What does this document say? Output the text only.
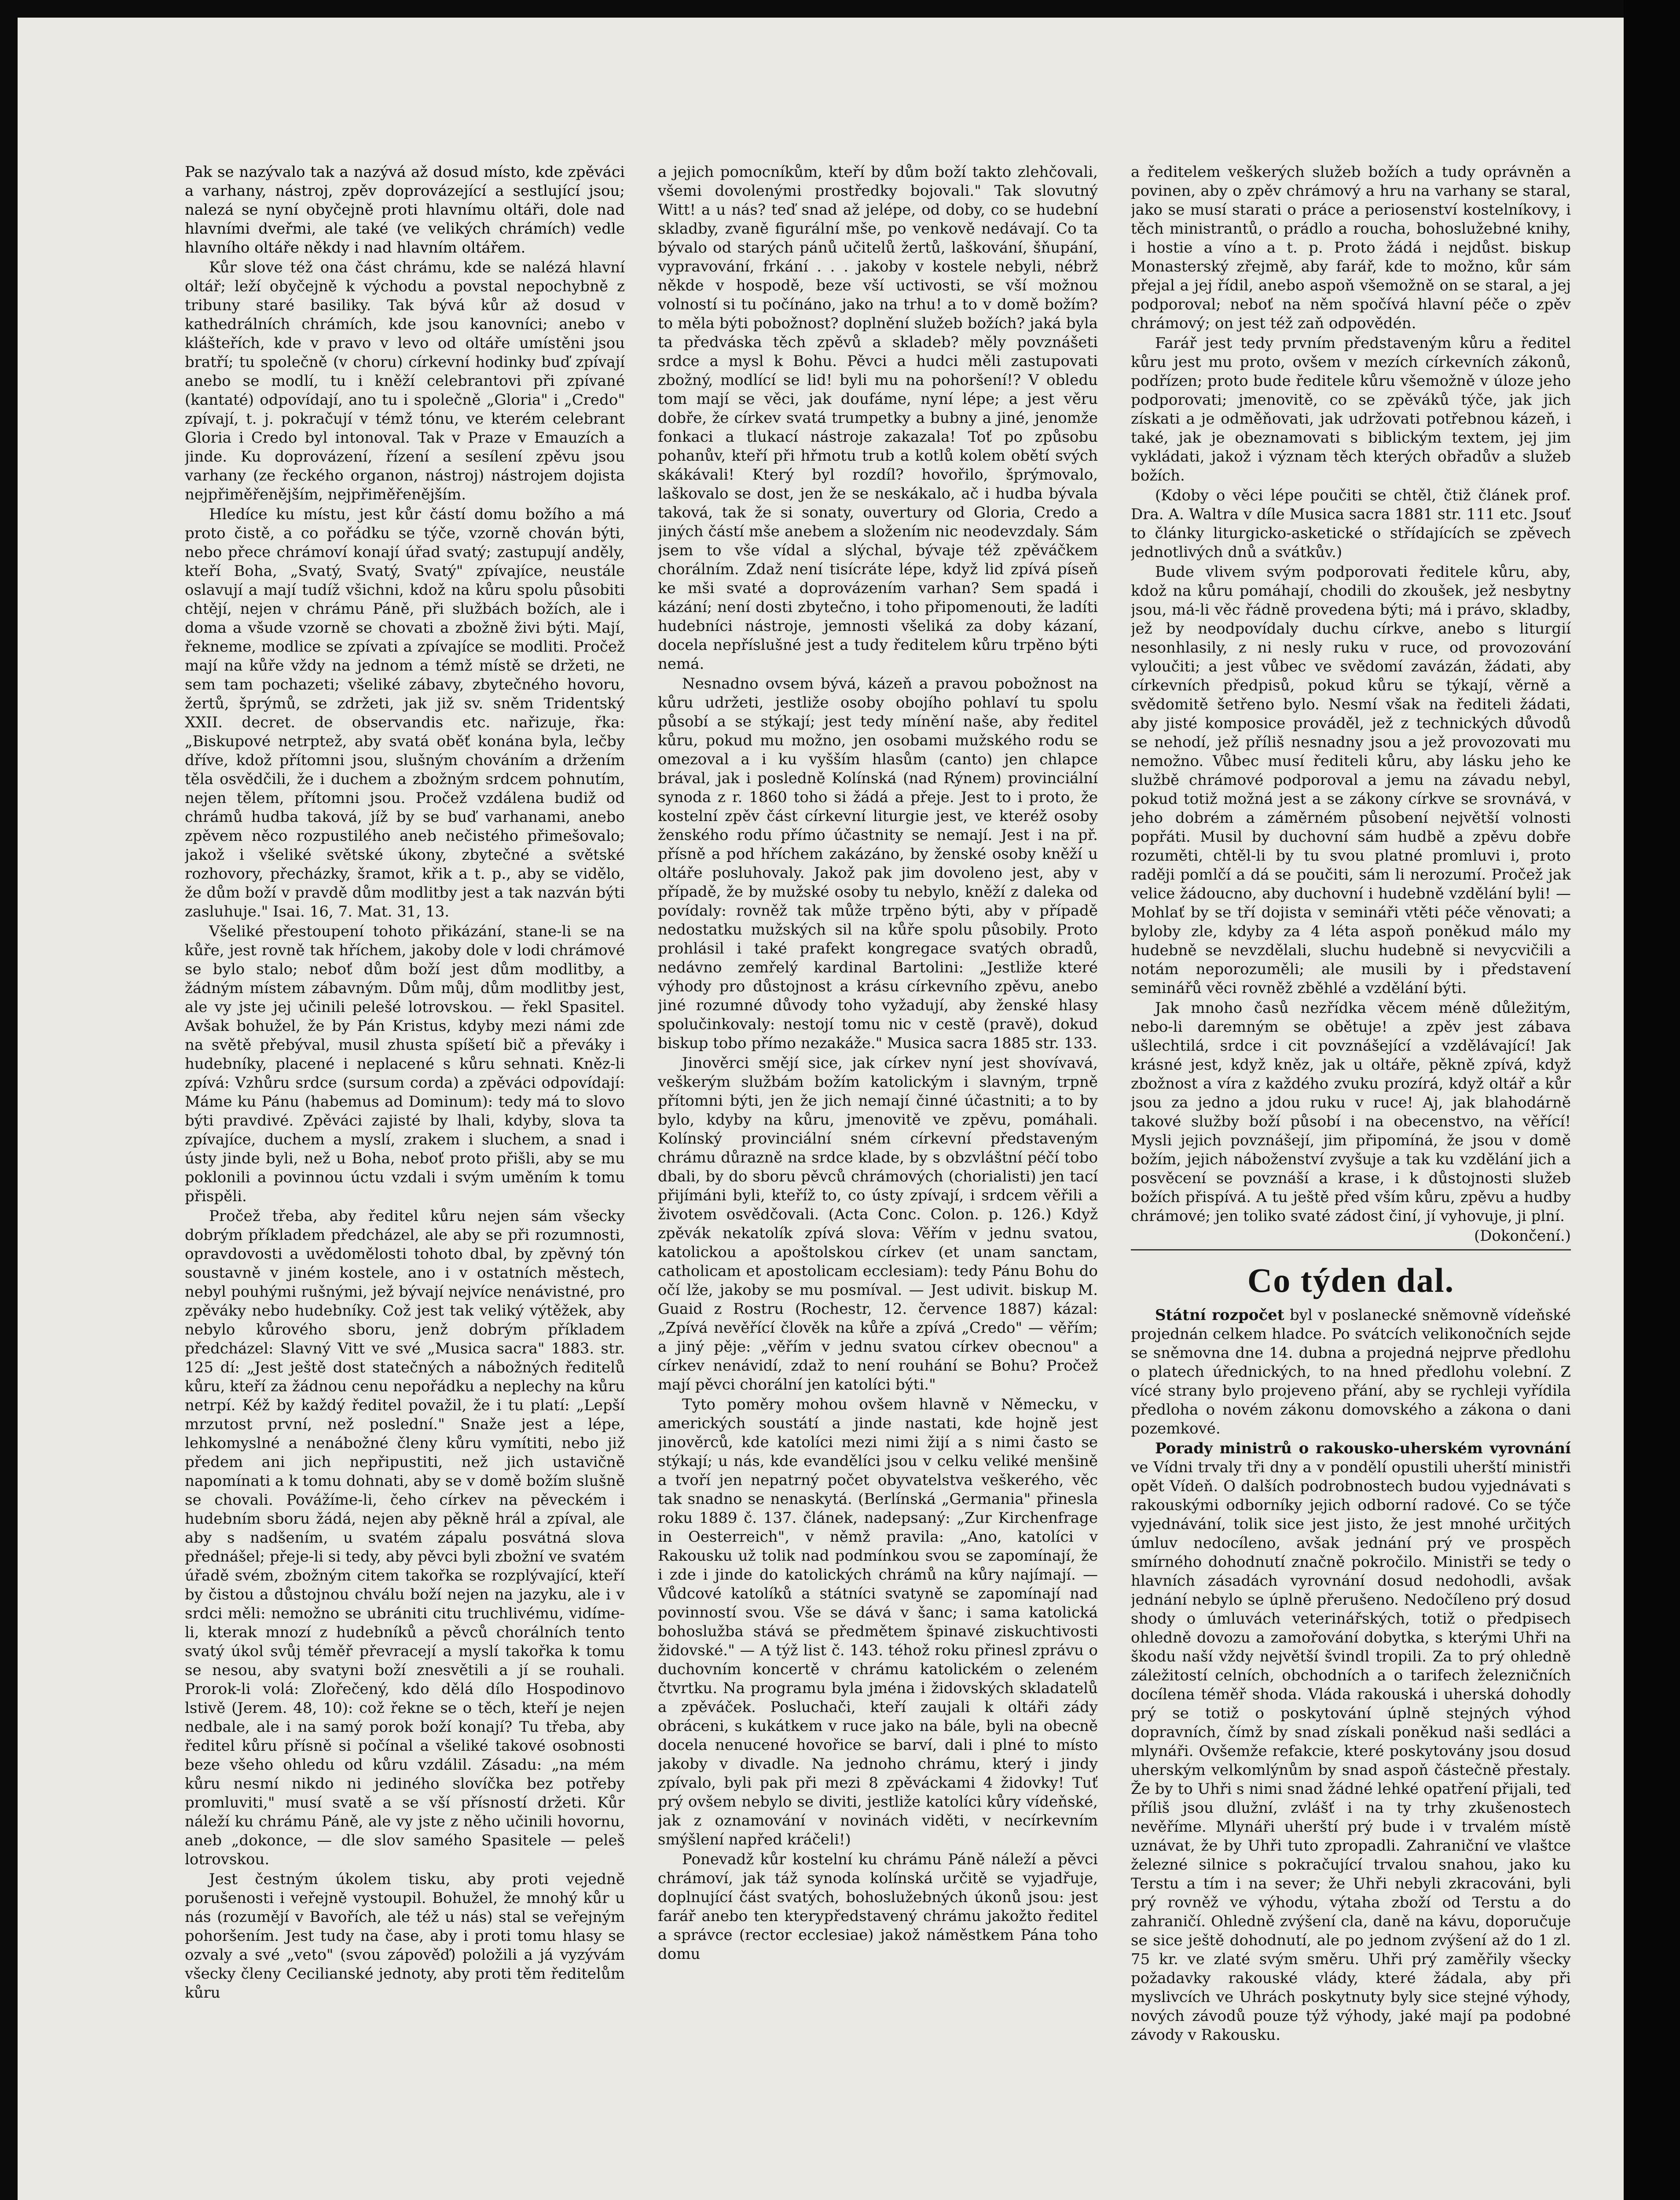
Pak se nazývalo tak a nazývá až dosud místo, kde zpěváci a varhany, nástroj, zpěv doprovázející a sestlující jsou; nalezá se nyní obyčejně proti hlavnímu oltáři, dole nad hlavními dveřmi, ale také (ve velikých chrámích) vedle hlavního oltáře někdy i nad hlavním oltářem.

Kůr slove též ona část chrámu, kde se nalézá hlavní oltář; leží obyčejně k východu a povstal nepochybně z tribuny staré basiliky. Tak bývá kůr až dosud v kathedrálních chrámích, kde jsou kanovníci; anebo v klášteřích, kde v pravo v levo od oltáře umístěni jsou bratří; tu společně (v choru) církevní hodinky buď zpívají anebo se modlí, tu i kněží celebrantovi při zpívané (kantaté) odpovídají, ano tu i společně „Gloria" i „Credo" zpívají, t. j. pokračují v témž tónu, ve kterém celebrant Gloria i Credo byl intonoval. Tak v Praze v Emauzích a jinde. Ku doprovázení, řízení a sesílení zpěvu jsou varhany (ze řeckého organon, nástroj) nástrojem dojista nejpřiměřenějším, nejpřiměřenějším.

Hledíce ku místu, jest kůr částí domu božího a má proto čistě, a co pořádku se týče, vzorně chován býti, nebo přece chrámoví konají úřad svatý; zastupují anděly, kteří Boha, „Svatý, Svatý, Svatý" zpívajíce, neustále oslavují a mají tudíž všichni, kdož na kůru spolu působiti chtějí, nejen v chrámu Páně, při službách božích, ale i doma a všude vzorně se chovati a zbožně živi býti. Mají, řekneme, modlice se zpívati a zpívajíce se modliti. Pročež mají na kůře vždy na jednom a témž místě se držeti, ne sem tam pochazeti; všeliké zábavy, zbytečného hovoru, žertů, šprýmů, se zdržeti, jak již sv. sněm Tridentský XXII. decret. de observandis etc. nařizuje, řka: „Biskupové netrptež, aby svatá oběť konána byla, lečby dříve, kdož přítomni jsou, slušným chováním a držením těla osvědčili, že i duchem a zbožným srdcem pohnutím, nejen tělem, přítomni jsou. Pročež vzdálena budiž od chrámů hudba taková, jíž by se buď varhanami, anebo zpěvem něco rozpustilého aneb nečistého přimešovalo; jakož i všeliké světské úkony, zbytečné a světské rozhovory, přecházky, šramot, křik a t. p., aby se vidělo, že dům boží v pravdě dům modlitby jest a tak nazván býti zasluhuje." Isai. 16, 7. Mat. 31, 13.

Všeliké přestoupení tohoto přikázání, stane-li se na kůře, jest rovně tak hříchem, jakoby dole v lodi chrámové se bylo stalo; neboť dům boží jest dům modlitby, a žádným místem zábavným. Dům můj, dům modlitby jest, ale vy jste jej učinili pelešé lotrovskou. — řekl Spasitel. Avšak bohužel, že by Pán Kristus, kdyby mezi námi zde na světě přebýval, musil zhusta spíšetí bič a převáky i hudebníky, placené i neplacené s kůru sehnati. Kněz-li zpívá: Vzhůru srdce (sursum corda) a zpěváci odpovídají: Máme ku Pánu (habemus ad Dominum): tedy má to slovo býti pravdivé. Zpěváci zajisté by lhali, kdyby, slova ta zpívajíce, duchem a myslí, zrakem i sluchem, a snad i ústy jinde byli, než u Boha, neboť proto přišli, aby se mu poklonili a povinnou úctu vzdali i svým uměním k tomu přispěli.

Pročež třeba, aby ředitel kůru nejen sám všecky dobrým příkladem předcházel, ale aby se při rozumnosti, opravdovosti a uvědomělosti tohoto dbal, by zpěvný tón soustavně v jiném kostele, ano i v ostatních městech, nebyl pouhými rušnými, jež bývají nejvíce nenávistné, pro zpěváky nebo hudebníky. Což jest tak veliký výtěžek, aby nebylo kůrového sboru, jenž dobrým příkladem předcházel: Slavný Vitt ve své „Musica sacra" 1883. str. 125 dí: „Jest ještě dost statečných a nábožných ředitelů kůru, kteří za žádnou cenu nepořádku a neplechy na kůru netrpí. Kéž by každý ředitel považil, že i tu platí: „Lepší mrzutost první, než poslední." Snaže jest a lépe, lehkomyslné a nenábožné členy kůru vymítiti, nebo již předem ani jich nepřipustiti, než jich ustavičně napomínati a k tomu dohnati, aby se v domě božím slušně se chovali. Povážíme-li, čeho církev na pěveckém i hudebním sboru žádá, nejen aby pěkně hrál a zpíval, ale aby s nadšením, u svatém zápalu posvátná slova přednášel; přeje-li si tedy, aby pěvci byli zbožní ve svatém úřadě svém, zbožným citem takořka se rozplývající, kteří by čistou a důstojnou chválu boží nejen na jazyku, ale i v srdci měli: nemožno se ubrániti citu truchlivému, vidíme-li, kterak mnozí z hudebníků a pěvců chorálních tento svatý úkol svůj téměř převracejí a myslí takořka k tomu se nesou, aby svatyni boží znesvětili a jí se rouhali. Prorok-li volá: Zlořečený, kdo dělá dílo Hospodinovo lstivě (Jerem. 48, 10): což řekne se o těch, kteří je nejen nedbale, ale i na samý porok boží konají? Tu třeba, aby ředitel kůru přísně si počínal a všeliké takové osobnosti beze všeho ohledu od kůru vzdálil. Zásadu: „na mém kůru nesmí nikdo ni jediného slovíčka bez potřeby promluviti," musí svatě a se vší přísností držeti. Kůr náleží ku chrámu Páně, ale vy jste z něho učinili hovornu, aneb „dokonce, — dle slov samého Spasitele — peleš lotrovskou.

Jest čestným úkolem tisku, aby proti vejedně porušenosti i veřejně vystoupil. Bohužel, že mnohý kůr u nás (rozumějí v Bavořích, ale též u nás) stal se veřejným pohoršením. Jest tudy na čase, aby i proti tomu hlasy se ozvaly a své „veto" (svou zápověď) položili a já vyzývám všecky členy Cecilianské jednoty, aby proti těm ředitelům kůru

a jejich pomocníkům, kteří by dům boží takto zlehčovali, všemi dovolenými prostředky bojovali." Tak slovutný Witt! a u nás? teď snad až jelépe, od doby, co se hudební skladby, zvaně figurální mše, po venkově nedávají. Co ta bývalo od starých pánů učitelů žertů, laškování, šňupání, vypravování, frkání . . . jakoby v kostele nebyli, nébrž někde v hospodě, beze vší uctivosti, se vší možnou volností si tu počínáno, jako na trhu! a to v domě božím? to měla býti pobožnost? doplnění služeb božích? jaká byla ta předváska těch zpěvů a skladeb? měly povznášeti srdce a mysl k Bohu. Pěvci a hudci měli zastupovati zbožný, modlící se lid! byli mu na pohoršení!? V obledu tom mají se věci, jak doufáme, nyní lépe; a jest věru dobře, že církev svatá trumpetky a bubny a jiné, jenomže fonkaci a tlukací nástroje zakazala! Toť po způsobu pohanův, kteří při hřmotu trub a kotlů kolem obětí svých skákávali! Který byl rozdíl? hovořilo, šprýmovalo, laškovalo se dost, jen že se neskákalo, ač i hudba bývala taková, tak že si sonaty, ouvertury od Gloria, Credo a jiných částí mše anebem a složením nic neodevzdaly. Sám jsem to vše vídal a slýchal, bývaje též zpěváčkem chorálním. Zdaž není tisícráte lépe, když lid zpívá píseň ke mši svaté a doprovázením varhan? Sem spadá i kázání; není dosti zbytečno, i toho připomenouti, že ladíti hudebníci nástroje, jemnosti všeliká za doby kázaní, docela nepříslušné jest a tudy ředitelem kůru trpěno býti nemá.

Nesnadno ovsem bývá, kázeň a pravou pobožnost na kůru udržeti, jestliže osoby obojího pohlaví tu spolu působí a se stýkají; jest tedy mínění naše, aby ředitel kůru, pokud mu možno, jen osobami mužského rodu se omezoval a i ku vyšším hlasům (canto) jen chlapce brával, jak i posledně Kolínská (nad Rýnem) provinciální synoda z r. 1860 toho si žádá a přeje. Jest to i proto, že kostelní zpěv část církevní liturgie jest, ve kteréž osoby ženského rodu přímo účastnity se nemají. Jest i na př. přísně a pod hříchem zakázáno, by ženské osoby kněží u oltáře posluhovaly. Jakož pak jim dovoleno jest, aby v případě, že by mužské osoby tu nebylo, kněží z daleka od povídaly: rovněž tak může trpěno býti, aby v případě nedostatku mužských sil na kůře spolu působily. Proto prohlásil i také prafekt kongregace svatých obradů, nedávno zemřelý kardinal Bartolini: „Jestliže které výhody pro důstojnost a krásu církevního zpěvu, anebo jiné rozumné důvody toho vyžadují, aby ženské hlasy spolučinkovaly: nestojí tomu nic v cestě (pravě), dokud biskup tobo přímo nezakáže." Musica sacra 1885 str. 133.

Jinověrci smějí sice, jak církev nyní jest shovívavá, veškerým službám božím katolickým i slavným, trpně přítomni býti, jen že jich nemají činné účastniti; a to by bylo, kdyby na kůru, jmenovitě ve zpěvu, pomáhali. Kolínský provinciální sném církevní představeným chrámu důrazně na srdce klade, by s obzvláštní péčí tobo dbali, by do sboru pěvců chrámových (chorialisti) jen tací přijímáni byli, kteříž to, co ústy zpívají, i srdcem věřili a životem osvědčovali. (Acta Conc. Colon. p. 126.) Když zpěvák nekatolík zpívá slova: Věřím v jednu svatou, katolickou a apoštolskou církev (et unam sanctam, catholicam et apostolicam ecclesiam): tedy Pánu Bohu do očí lže, jakoby se mu posmíval. — Jest udivit. biskup M. Guaid z Rostru (Rochestr, 12. července 1887) kázal: „Zpívá nevěřící člověk na kůře a zpívá „Credo" — věřím; a jiný pěje: „věřím v jednu svatou církev obecnou" a církev nenávidí, zdaž to není rouhání se Bohu? Pročež mají pěvci chorální jen katolíci býti."

Tyto poměry mohou ovšem hlavně v Německu, v amerických soustátí a jinde nastati, kde hojně jest jinověrců, kde katolíci mezi nimi žijí a s nimi často se stýkají; u nás, kde evandělíci jsou v celku veliké menšině a tvoří jen nepatrný počet obyvatelstva veškerého, věc tak snadno se nenaskytá. (Berlínská „Germania" přinesla roku 1889 č. 137. článek, nadepsaný: „Zur Kirchenfrage in Oesterreich", v němž pravila: „Ano, katolíci v Rakousku už tolik nad podmínkou svou se zapomínají, že i zde i jinde do katolických chrámů na kůry najímají. — Vůdcové katolíků a státníci svatyně se zapomínají nad povinností svou. Vše se dává v šanc; i sama katolická bohoslužba stává se předmětem špinavé ziskuchtivosti židovské." — A týž list č. 143. téhož roku přinesl zprávu o duchovním koncertě v chrámu katolickém o zeleném čtvrtku. Na programu byla jména i židovských skladatelů a zpěváček. Posluchači, kteří zaujali k oltáři zády obráceni, s kukátkem v ruce jako na bále, byli na obecně docela nenucené hovořice se barví, dali i plné to místo jakoby v divadle. Na jednoho chrámu, který i jindy zpívalo, byli pak při mezi 8 zpěváckami 4 židovky! Tuť prý ovšem nebylo se diviti, jestliže katolíci kůry vídeňské, jak z oznamování v novinách viděti, v necírkevním smýšlení napřed kráčeli!)

Ponevadž kůr kostelní ku chrámu Páně náleží a pěvci chrámoví, jak táž synoda kolínská určitě se vyjadřuje, doplnující část svatých, bohoslužebných úkonů jsou: jest farář anebo ten kterypředstavený chrámu jakožto ředitel a správce (rector ecclesiae) jakož náměstkem Pána toho domu

a ředitelem veškerých služeb božích a tudy oprávněn a povinen, aby o zpěv chrámový a hru na varhany se staral, jako se musí starati o práce a periosenství kostelníkovy, i těch ministrantů, o prádlo a roucha, bohoslužebné knihy, i hostie a víno a t. p. Proto žádá i nejdůst. biskup Monasterský zřejmě, aby farář, kde to možno, kůr sám přejal a jej řídil, anebo aspoň všemožně on se staral, a jej podporoval; neboť na něm spočívá hlavní péče o zpěv chrámový; on jest též zaň odpovědén.

Farář jest tedy prvním představeným kůru a ředitel kůru jest mu proto, ovšem v mezích církevních zákonů, podřízen; proto bude ředitele kůru všemožně v úloze jeho podporovati; jmenovitě, co se zpěváků týče, jak jich získati a je odměňovati, jak udržovati potřebnou kázeň, i také, jak je obeznamovati s biblickým textem, jej jim vykládati, jakož i význam těch kterých obřadův a služeb božích.

(Kdoby o věci lépe poučiti se chtěl, čtiž článek prof. Dra. A. Waltra v díle Musica sacra 1881 str. 111 etc. Jsouť to články liturgicko-asketické o střídajících se zpěvech jednotlivých dnů a svátkův.)

Bude vlivem svým podporovati ředitele kůru, aby, kdož na kůru pomáhají, chodili do zkoušek, jež nesbytny jsou, má-li věc řádně provedena býti; má i právo, skladby, jež by neodpovídaly duchu církve, anebo s liturgií nesonhlasily, z ni nesly ruku v ruce, od provozování vyloučiti; a jest vůbec ve svědomí zavázán, žádati, aby církevních předpisů, pokud kůru se týkají, věrně a svědomitě šetřeno bylo. Nesmí však na řediteli žádati, aby jisté komposice prováděl, jež z technických důvodů se nehodí, jež příliš nesnadny jsou a jež provozovati mu nemožno. Vůbec musí řediteli kůru, aby lásku jeho ke službě chrámové podporoval a jemu na závadu nebyl, pokud totiž možná jest a se zákony církve se srovnává, v jeho dobrém a záměrném působení největší volnosti popřáti. Musil by duchovní sám hudbě a zpěvu dobře rozuměti, chtěl-li by tu svou platné promluvi i, proto raději pomlčí a dá se poučiti, sám li nerozumí. Pročež jak velice žádoucno, aby duchovní i hudebně vzdělání byli! — Mohlať by se tří dojista v semináři vtěti péče věnovati; a byloby zle, kdyby za 4 léta aspoň poněkud málo my hudebně se nevzdělali, sluchu hudebně si nevycvičili a notám neporozuměli; ale musili by i představení seminářů věci rovněž zběhlé a vzdělání býti.

Jak mnoho časů nezřídka věcem méně důležitým, nebo-li daremným se obětuje! a zpěv jest zábava ušlechtilá, srdce i cit povznášející a vzdělávající! Jak krásné jest, když kněz, jak u oltáře, pěkně zpívá, když zbožnost a víra z každého zvuku prozírá, když oltář a kůr jsou za jedno a jdou ruku v ruce! Aj, jak blahodárně takové služby boží působí i na obecenstvo, na věřící! Mysli jejich povznášejí, jim připomíná, že jsou v domě božím, jejich náboženství zvyšuje a tak ku vzdělání jich a posvěcení se povznáší a krase, i k důstojnosti služeb božích přispívá. A tu ještě před vším kůru, zpěvu a hudby chrámové; jen toliko svaté zádost činí, jí vyhovuje, ji plní.

(Dokončení.)

Co týden dal.

Státní rozpočet byl v poslanecké sněmovně vídeňské projednán celkem hladce. Po svátcích velikonočních sejde se sněmovna dne 14. dubna a projedná nejprve předlohu o platech úřednických, to na hned předlohu volební. Z vícé strany bylo projeveno přání, aby se rychleji vyřídila předloha o novém zákonu domovského a zákona o dani pozemkové.

Porady ministrů o rakousko-uherském vyrovnání ve Vídni trvaly tři dny a v pondělí opustili uherští ministři opět Vídeň. O dalších podrobnostech budou vyjednávati s rakouskými odborníky jejich odborní radové. Co se týče vyjednávání, tolik sice jest jisto, že jest mnohé určitých úmluv nedocíleno, avšak jednání prý ve prospěch smírného dohodnutí značně pokročilo. Ministři se tedy o hlavních zásadách vyrovnání dosud nedohodli, avšak jednání nebylo se úplně přerušeno. Nedočíleno prý dosud shody o úmluvách veterinářských, totiž o předpisech ohledně dovozu a zamořování dobytka, s kterými Uhři na škodu naší vždy největší švindl tropili. Za to prý ohledně záležitostí celních, obchodních a o tarifech železničních docílena téměř shoda. Vláda rakouská i uherská dohodly prý se totiž o poskytování úplně stejných výhod dopravních, čímž by snad získali poněkud naši sedláci a mlynáři. Ovšemže refakcie, které poskytovány jsou dosud uherským velkomlýnům by snad aspoň částečně přestaly. Že by to Uhři s nimi snad žádné lehké opatření přijali, teď příliš jsou dlužní, zvlášť i na ty trhy zkušenostech nevěříme. Mlynáři uherští prý bude i v trvalém místě uznávat, že by Uhři tuto zpropadli. Zahraniční ve vlaštce železné silnice s pokračující trvalou snahou, jako ku Terstu a tím i na sever; že Uhři nebyli zkracováni, byli prý rovněž ve výhodu, výtaha zboží od Terstu a do zahraničí. Ohledně zvýšení cla, daně na kávu, doporučuje se sice ještě dohodnutí, ale po jednom zvýšení až do 1 zl. 75 kr. ve zlaté svým směru. Uhři prý zaměřily všecky požadavky rakouské vlády, které žádala, aby při myslivcích ve Uhrách poskytnuty byly sice stejné výhody, nových závodů pouze týž výhody, jaké mají pa podobné závody v Rakousku.
